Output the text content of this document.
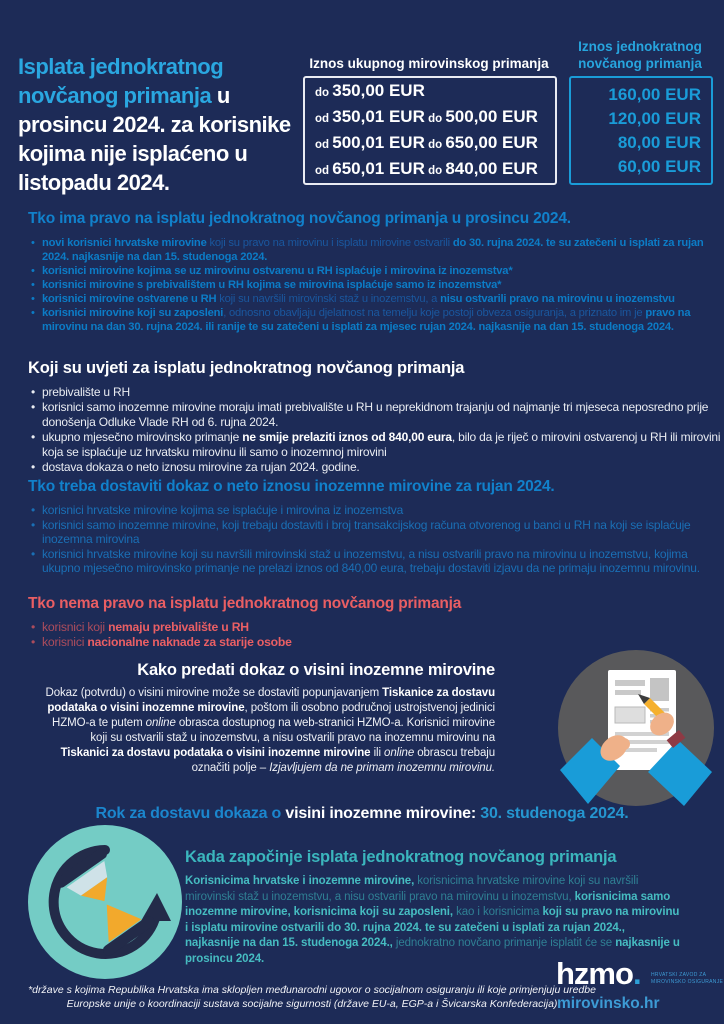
Isplata jednokratnog
novčanog primanja u
prosincu 2024. za korisnike
kojima nije isplaćeno u
listopadu 2024.
Iznos ukupnog mirovinskog primanja
Iznos jednokratnog
novčanog primanja
do 350,00 EUR
od 350,01 EUR do 500,00 EUR
od 500,01 EUR do 650,00 EUR
od 650,01 EUR do 840,00 EUR
160,00 EUR
120,00 EUR
80,00 EUR
60,00 EUR
Tko ima pravo na isplatu jednokratnog novčanog primanja u prosincu 2024.
• novi korisnici hrvatske mirovine koji su pravo na mirovinu i isplatu mirovine ostvarili do 30. rujna 2024. te su zatečeni u isplati za rujan 2024. najkasnije na dan 15. studenoga 2024.
• korisnici mirovine kojima se uz mirovinu ostvarenu u RH isplaćuje i mirovina iz inozemstva*
• korisnici mirovine s prebivalištem u RH kojima se mirovina isplaćuje samo iz inozemstva*
• korisnici mirovine ostvarene u RH koji su navršili mirovinski staž u inozemstvu, a nisu ostvarili pravo na mirovinu u inozemstvu
• korisnici mirovine koji su zaposleni, odnosno obavljaju djelatnost na temelju koje postoji obveza osiguranja, a priznato im je pravo na mirovinu na dan 30. rujna 2024. ili ranije te su zatečeni u isplati za mjesec rujan 2024. najkasnije na dan 15. studenoga 2024.
Koji su uvjeti za isplatu jednokratnog novčanog primanja
• prebivalište u RH
• korisnici samo inozemne mirovine moraju imati prebivalište u RH u neprekidnom trajanju od najmanje tri mjeseca neposredno prije donošenja Odluke Vlade RH od 6. rujna 2024.
• ukupno mjesečno mirovinsko primanje ne smije prelaziti iznos od 840,00 eura, bilo da je riječ o mirovini ostvarenoj u RH ili mirovini koja se isplaćuje uz hrvatsku mirovinu ili samo o inozemnoj mirovini
• dostava dokaza o neto iznosu mirovine za rujan 2024. godine.
Tko treba dostaviti dokaz o neto iznosu inozemne mirovine za rujan 2024.
• korisnici hrvatske mirovine kojima se isplaćuje i mirovina iz inozemstva
• korisnici samo inozemne mirovine, koji trebaju dostaviti i broj transakcijskog računa otvorenog u banci u RH na koji se isplaćuje inozemna mirovina
• korisnici hrvatske mirovine koji su navršili mirovinski staž u inozemstvu, a nisu ostvarili pravo na mirovinu u inozemstvu, kojima ukupno mjesečno mirovinsko primanje ne prelazi iznos od 840,00 eura, trebaju dostaviti izjavu da ne primaju inozemnu mirovinu.
Tko nema pravo na isplatu jednokratnog novčanog primanja
• korisnici koji nemaju prebivalište u RH
• korisnici nacionalne naknade za starije osobe
Kako predati dokaz o visini inozemne mirovine

Dokaz (potvrdu) o visini mirovine može se dostaviti popunjavanjem Tiskanice za dostavu podataka o visini inozemne mirovine, poštom ili osobno područnoj ustrojstvenoj jedinici HZMO-a te putem online obrasca dostupnog na web-stranici HZMO-a. Korisnici mirovine koji su ostvarili staž u inozemstvu, a nisu ostvarili pravo na inozemnu mirovinu na Tiskanici za dostavu podataka o visini inozemne mirovine ili online obrascu trebaju označiti polje – Izjavljujem da ne primam inozemnu mirovinu.

Rok za dostavu dokaza o visini inozemne mirovine: 30. studenoga 2024.
Kada započinje isplata jednokratnog novčanog primanja

Korisnicima hrvatske i inozemne mirovine, korisnicima hrvatske mirovine koji su navršili mirovinski staž u inozemstvu, a nisu ostvarili pravo na mirovinu u inozemstvu, korisnicima samo inozemne mirovine, korisnicima koji su zaposleni, kao i korisnicima koji su pravo na mirovinu i isplatu mirovine ostvarili do 30. rujna 2024. te su zatečeni u isplati za rujan 2024., najkasnije na dan 15. studenoga 2024., jednokratno novčano primanje isplatit će se najkasnije u prosincu 2024.

*države s kojima Republika Hrvatska ima sklopljen međunarodni ugovor o socijalnom osiguranju ili koje primjenjuju uredbe Europske unije o koordinaciji sustava socijalne sigurnosti (države EU-a, EGP-a i Švicarska Konfederacija)

hzmo. HRVATSKI ZAVOD ZA
MIROVINSKO OSIGURANJE
mirovinsko.hr
